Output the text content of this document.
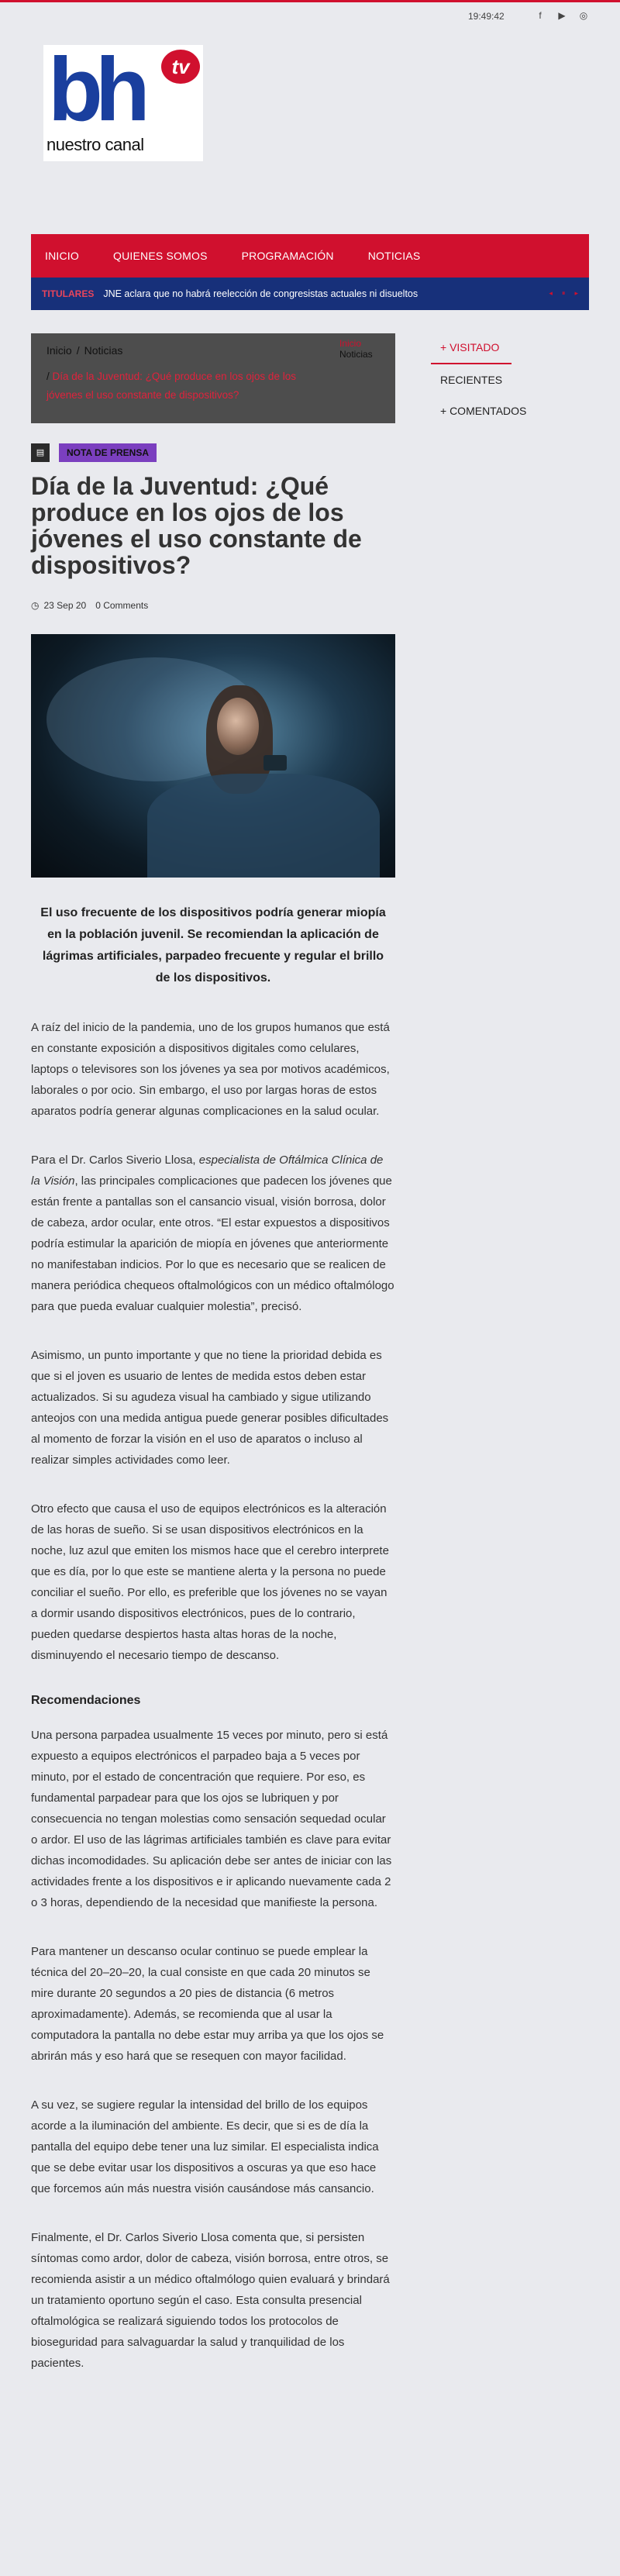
19:49:42	f	▶ ◎
bh	tv
nuestro canal
INICIO	QUIENES SOMOS	PROGRAMACIÓN	NOTICIAS
TITULARES JNE aclara que no habrá reelección de congresistas actuales ni disueltos	◂ ⏸ ▸
Inicio / Noticias
/ Día de la Juventud: ¿Qué produce en los ojos de los jóvenes el uso constante de dispositivos?
Inicio
Noticias
+ VISITADO
RECIENTES
+ COMENTADOS
▤	NOTA DE PRENSA
Día de la Juventud: ¿Qué produce en los ojos de los jóvenes el uso constante de dispositivos?
◷ 23 Sep 20 0 Comments

El uso frecuente de los dispositivos podría generar miopía en la población juvenil. Se recomiendan la aplicación de lágrimas artificiales, parpadeo frecuente y regular el brillo de los dispositivos.

A raíz del inicio de la pandemia, uno de los grupos humanos que está en constante exposición a dispositivos digitales como celulares, laptops o televisores son los jóvenes ya sea por motivos académicos, laborales o por ocio. Sin embargo, el uso por largas horas de estos aparatos podría generar algunas complicaciones en la salud ocular.

Para el Dr. Carlos Siverio Llosa, especialista de Oftálmica Clínica de la Visión, las principales complicaciones que padecen los jóvenes que están frente a pantallas son el cansancio visual, visión borrosa, dolor de cabeza, ardor ocular, ente otros. “El estar expuestos a dispositivos podría estimular la aparición de miopía en jóvenes que anteriormente no manifestaban indicios. Por lo que es necesario que se realicen de manera periódica chequeos oftalmológicos con un médico oftalmólogo para que pueda evaluar cualquier molestia”, precisó.

Asimismo, un punto importante y que no tiene la prioridad debida es que si el joven es usuario de lentes de medida estos deben estar actualizados. Si su agudeza visual ha cambiado y sigue utilizando anteojos con una medida antigua puede generar posibles dificultades al momento de forzar la visión en el uso de aparatos o incluso al realizar simples actividades como leer.

Otro efecto que causa el uso de equipos electrónicos es la alteración de las horas de sueño. Si se usan dispositivos electrónicos en la noche, luz azul que emiten los mismos hace que el cerebro interprete que es día, por lo que este se mantiene alerta y la persona no puede conciliar el sueño. Por ello, es preferible que los jóvenes no se vayan a dormir usando dispositivos electrónicos, pues de lo contrario, pueden quedarse despiertos hasta altas horas de la noche, disminuyendo el necesario tiempo de descanso.

Recomendaciones

Una persona parpadea usualmente 15 veces por minuto, pero si está expuesto a equipos electrónicos el parpadeo baja a 5 veces por minuto, por el estado de concentración que requiere. Por eso, es fundamental parpadear para que los ojos se lubriquen y por consecuencia no tengan molestias como sensación sequedad ocular o ardor. El uso de las lágrimas artificiales también es clave para evitar dichas incomodidades. Su aplicación debe ser antes de iniciar con las actividades frente a los dispositivos e ir aplicando nuevamente cada 2 o 3 horas, dependiendo de la necesidad que manifieste la persona.

Para mantener un descanso ocular continuo se puede emplear la técnica del 20–20–20, la cual consiste en que cada 20 minutos se mire durante 20 segundos a 20 pies de distancia (6 metros aproximadamente). Además, se recomienda que al usar la computadora la pantalla no debe estar muy arriba ya que los ojos se abrirán más y eso hará que se resequen con mayor facilidad.

A su vez, se sugiere regular la intensidad del brillo de los equipos acorde a la iluminación del ambiente. Es decir, que si es de día la pantalla del equipo debe tener una luz similar. El especialista indica que se debe evitar usar los dispositivos a oscuras ya que eso hace que forcemos aún más nuestra visión causándose más cansancio.

Finalmente, el Dr. Carlos Siverio Llosa comenta que, si persisten síntomas como ardor, dolor de cabeza, visión borrosa, entre otros, se recomienda asistir a un médico oftalmólogo quien evaluará y brindará un tratamiento oportuno según el caso. Esta consulta presencial oftalmológica se realizará siguiendo todos los protocolos de bioseguridad para salvaguardar la salud y tranquilidad de los pacientes.
